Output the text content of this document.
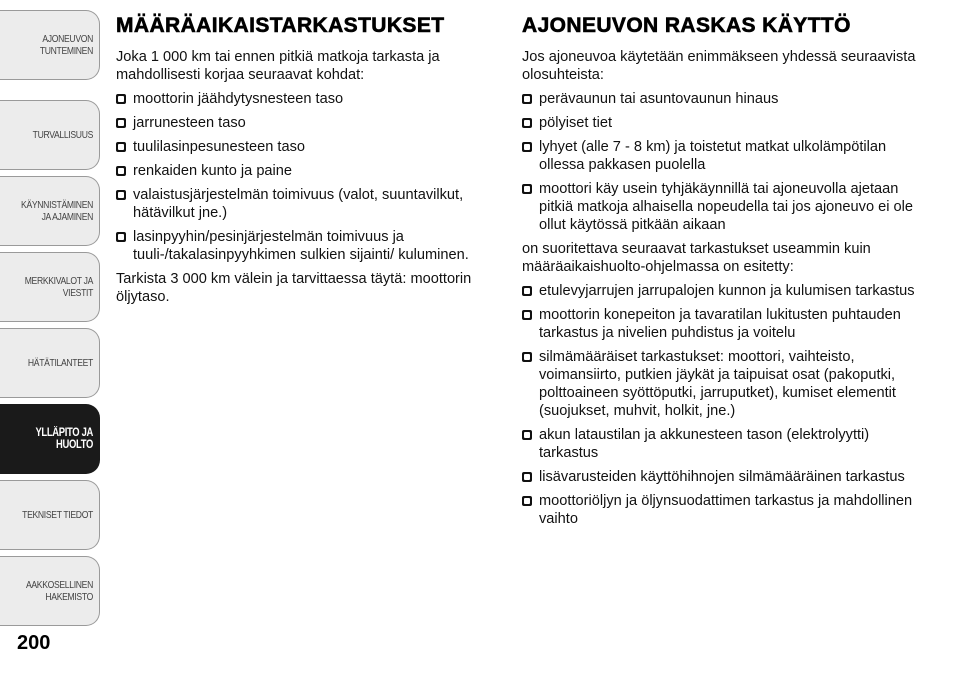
AJONEUVON
TUNTEMINEN
TURVALLISUUS
KÄYNNISTÄMINEN
JA AJAMINEN
MERKKIVALOT JA
VIESTIT
HÄTÄTILANTEET
YLLÄPITO JA
HUOLTO
TEKNISET TIEDOT
AAKKOSELLINEN
HAKEMISTO
200
MÄÄRÄAIKAISTARKASTUKSET

Joka 1 000 km tai ennen pitkiä matkoja tarkasta ja mahdollisesti korjaa seuraavat kohdat:

moottorin jäähdytysnesteen taso
jarrunesteen taso
tuulilasinpesunesteen taso
renkaiden kunto ja paine
valaistusjärjestelmän toimivuus (valot, suuntavilkut, hätävilkut jne.)
lasinpyyhin/pesinjärjestelmän toimivuus ja tuuli-/takalasinpyyhkimen sulkien sijainti/ kuluminen.

Tarkista 3 000 km välein ja tarvittaessa täytä: moottorin öljytaso.

AJONEUVON RASKAS KÄYTTÖ

Jos ajoneuvoa käytetään enimmäkseen yhdessä seuraavista olosuhteista:

perävaunun tai asuntovaunun hinaus
pölyiset tiet
lyhyet (alle 7 - 8 km) ja toistetut matkat ulkolämpötilan ollessa pakkasen puolella
moottori käy usein tyhjäkäynnillä tai ajoneuvolla ajetaan pitkiä matkoja alhaisella nopeudella tai jos ajoneuvo ei ole ollut käytössä pitkään aikaan

on suoritettava seuraavat tarkastukset useammin kuin määräaikaishuolto-ohjelmassa on esitetty:

etulevyjarrujen jarrupalojen kunnon ja kulumisen tarkastus
moottorin konepeiton ja tavaratilan lukitusten puhtauden tarkastus ja nivelien puhdistus ja voitelu
silmämääräiset tarkastukset: moottori, vaihteisto, voimansiirto, putkien jäykät ja taipuisat osat (pakoputki, polttoaineen syöttöputki, jarruputket), kumiset elementit (suojukset, muhvit, holkit, jne.)
akun lataustilan ja akkunesteen tason (elektrolyytti) tarkastus
lisävarusteiden käyttöhihnojen silmämääräinen tarkastus
moottoriöljyn ja öljynsuodattimen tarkastus ja mahdollinen vaihto
